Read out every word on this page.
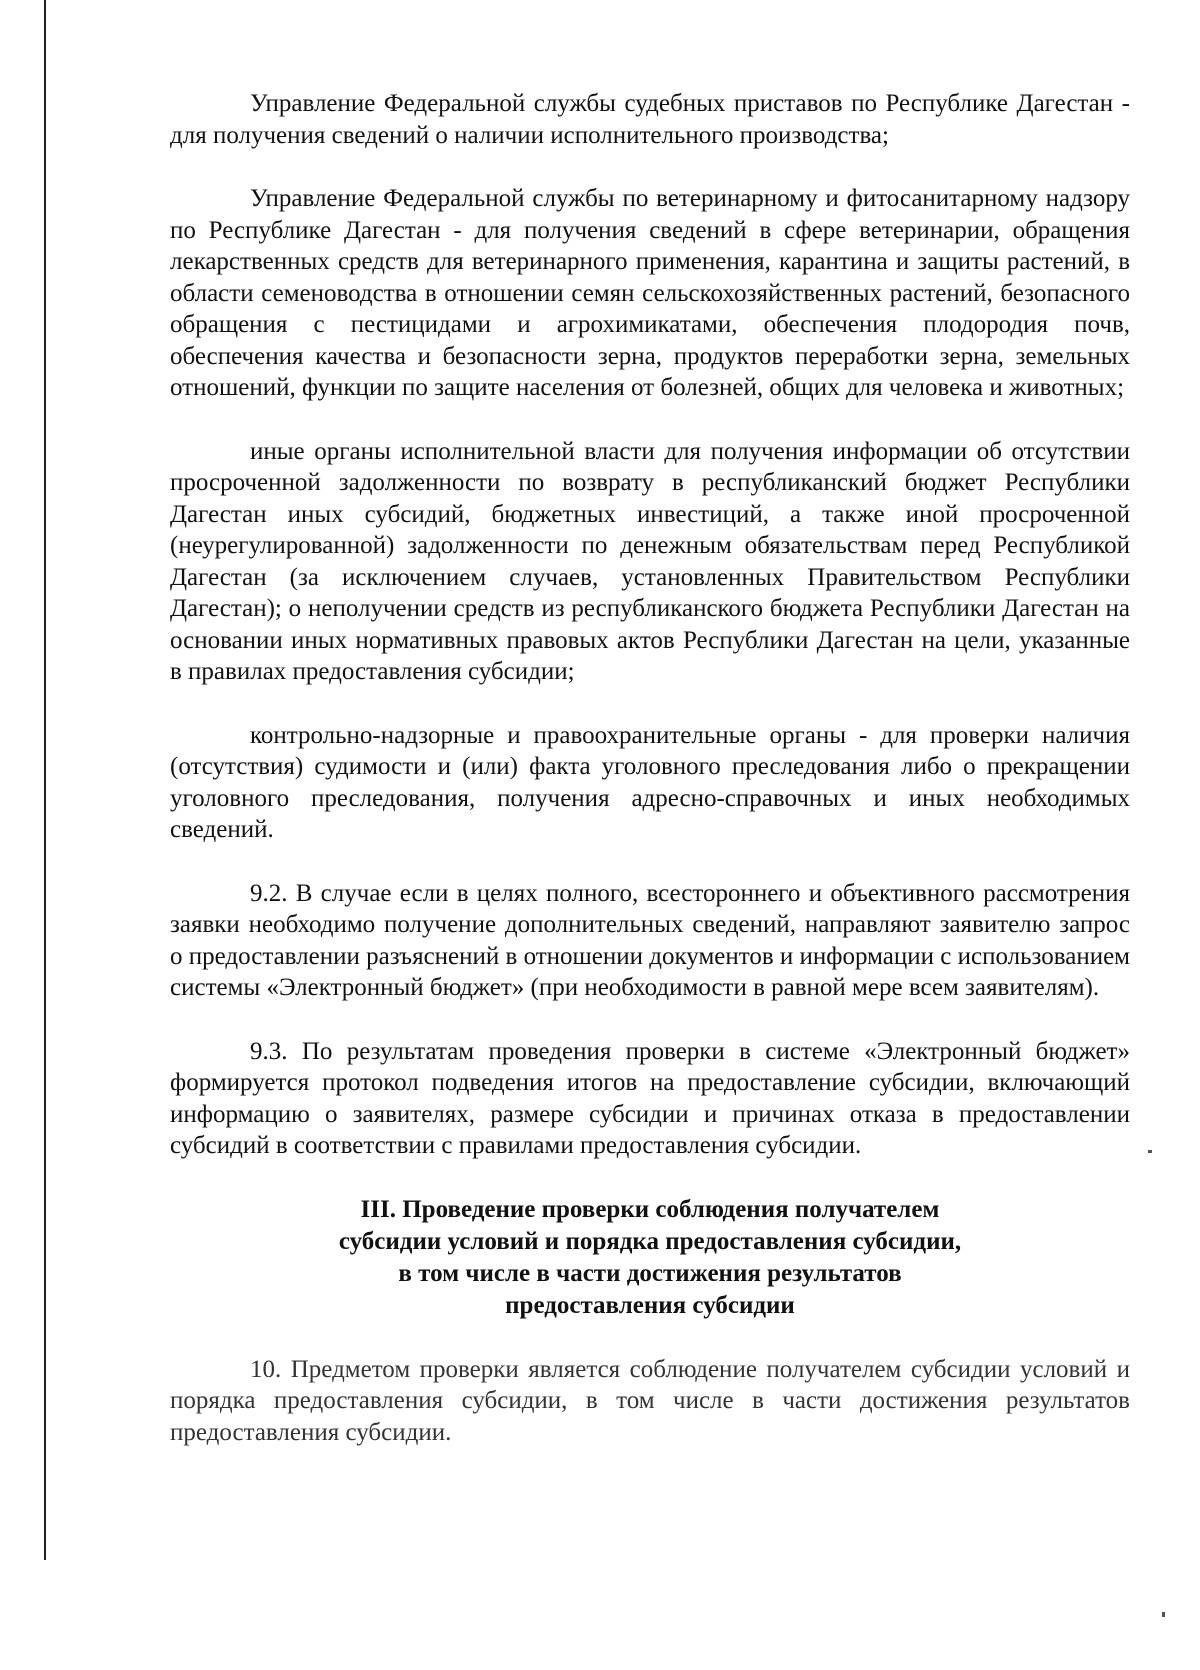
Управление Федеральной службы судебных приставов по Республике Дагестан - для получения сведений о наличии исполнительного производства;

Управление Федеральной службы по ветеринарному и фитосанитарному надзору по Республике Дагестан - для получения сведений в сфере ветеринарии, обращения лекарственных средств для ветеринарного применения, карантина и защиты растений, в области семеноводства в отношении семян сельскохозяйственных растений, безопасного обращения с пестицидами и агрохимикатами, обеспечения плодородия почв, обеспечения качества и безопасности зерна, продуктов переработки зерна, земельных отношений, функции по защите населения от болезней, общих для человека и животных;

иные органы исполнительной власти для получения информации об отсутствии просроченной задолженности по возврату в республиканский бюджет Республики Дагестан иных субсидий, бюджетных инвестиций, а также иной просроченной (неурегулированной) задолженности по денежным обязательствам перед Республикой Дагестан (за исключением случаев, установленных Правительством Республики Дагестан); о неполучении средств из республиканского бюджета Республики Дагестан на основании иных нормативных правовых актов Республики Дагестан на цели, указанные в правилах предоставления субсидии;

контрольно-надзорные и правоохранительные органы - для проверки наличия (отсутствия) судимости и (или) факта уголовного преследования либо о прекращении уголовного преследования, получения адресно-справочных и иных необходимых сведений.

9.2. В случае если в целях полного, всестороннего и объективного рассмотрения заявки необходимо получение дополнительных сведений, направляют заявителю запрос о предоставлении разъяснений в отношении документов и информации с использованием системы «Электронный бюджет» (при необходимости в равной мере всем заявителям).

9.3. По результатам проведения проверки в системе «Электронный бюджет» формируется протокол подведения итогов на предоставление субсидии, включающий информацию о заявителях, размере субсидии и причинах отказа в предоставлении субсидий в соответствии с правилами предоставления субсидии.

III. Проведение проверки соблюдения получателем
субсидии условий и порядка предоставления субсидии,
в том числе в части достижения результатов
предоставления субсидии

10. Предметом проверки является соблюдение получателем субсидии условий и порядка предоставления субсидии, в том числе в части достижения результатов предоставления субсидии.
